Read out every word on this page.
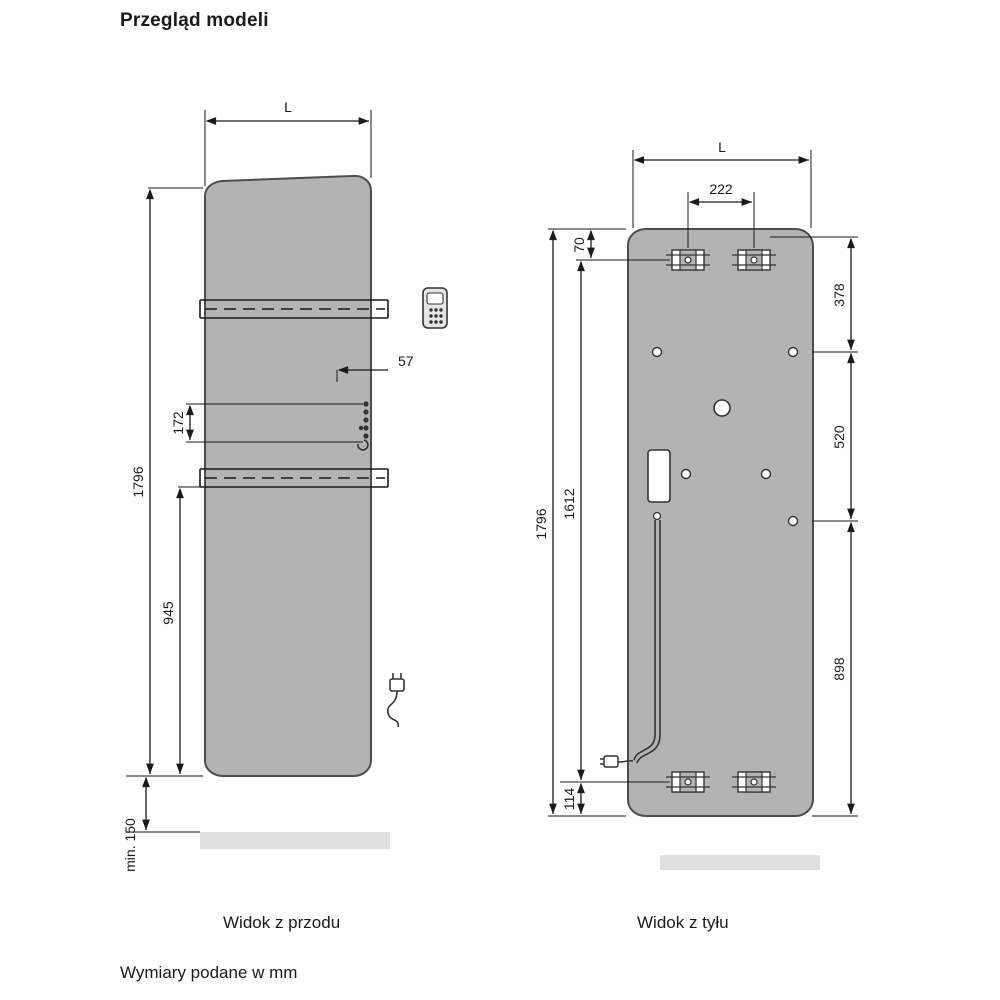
Przegląd modeli
L
1796
945
172
57
min. 150
L
222
70
1612
1796
114
378
520
898
Widok z przodu	Widok z tyłu
Wymiary podane w mm
